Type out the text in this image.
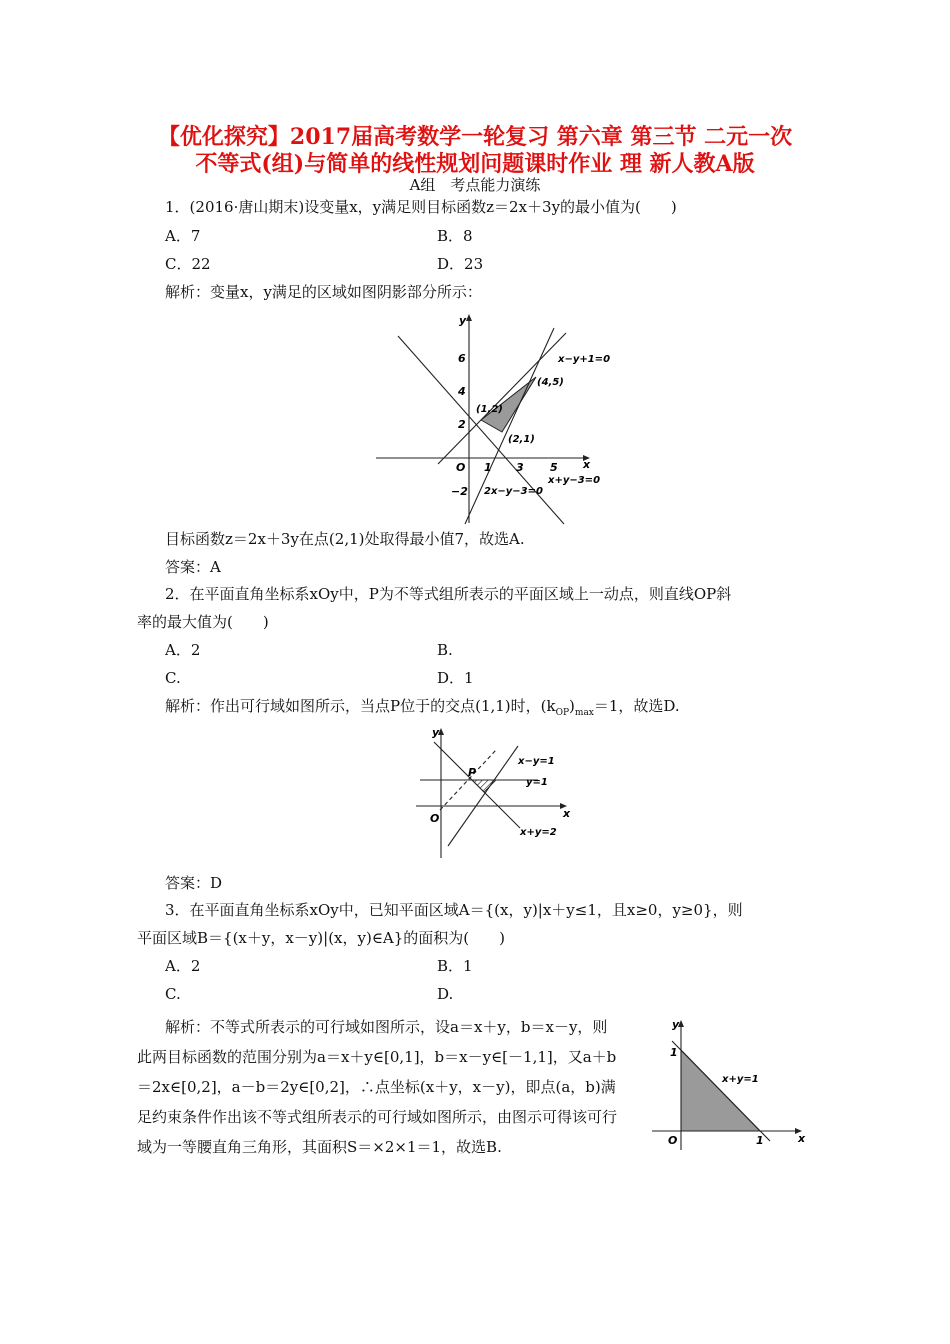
【优化探究】2017届高考数学一轮复习 第六章 第三节 二元一次不等式(组)与简单的线性规划问题课时作业 理 新人教A版
A组　考点能力演练
1．(2016·唐山期末)设变量x，y满足则目标函数z＝2x＋3y的最小值为(　　)
A．7	B．8
C．22	D．23
解析：变量x，y满足的区域如图阴影部分所示：
y
x
O
6
4
2
−2
1 3 5
(1,2)
(2,1)
(4,5)
x−y+1=0
x+y−3=0
2x−y−3=0
目标函数z＝2x＋3y在点(2,1)处取得最小值7，故选A.
答案：A
2．在平面直角坐标系xOy中，P为不等式组所表示的平面区域上一动点，则直线OP斜
率的最大值为(　　)
A．2	B.
C.	D．1
解析：作出可行域如图所示，当点P位于的交点(1,1)时，$(k_{OP})_{max}=1$，故选D.
y
x
O
P
x−y=1
y=1
x+y=2
答案：D
3．在平面直角坐标系xOy中，已知平面区域A＝{(x，y)|x＋y≤1，且x≥0，y≥0}，则
平面区域B＝{(x＋y，x－y)|(x，y)∈A}的面积为(　　)
A．2	B．1
C.	D.
解析：不等式所表示的可行域如图所示，设a＝x＋y，b＝x－y，则此两目标函数的范围分别为a＝x＋y∈[0,1]，b＝x－y∈[－1,1]，又a＋b＝2x∈[0,2]，a－b＝2y∈[0,2]，∴点坐标(x＋y，x－y)，即点(a，b)满足约束条件作出该不等式组所表示的可行域如图所示，由图示可得该可行域为一等腰直角三角形，其面积S＝×2×1＝1，故选B.
y
x
O
1
1
x+y=1
